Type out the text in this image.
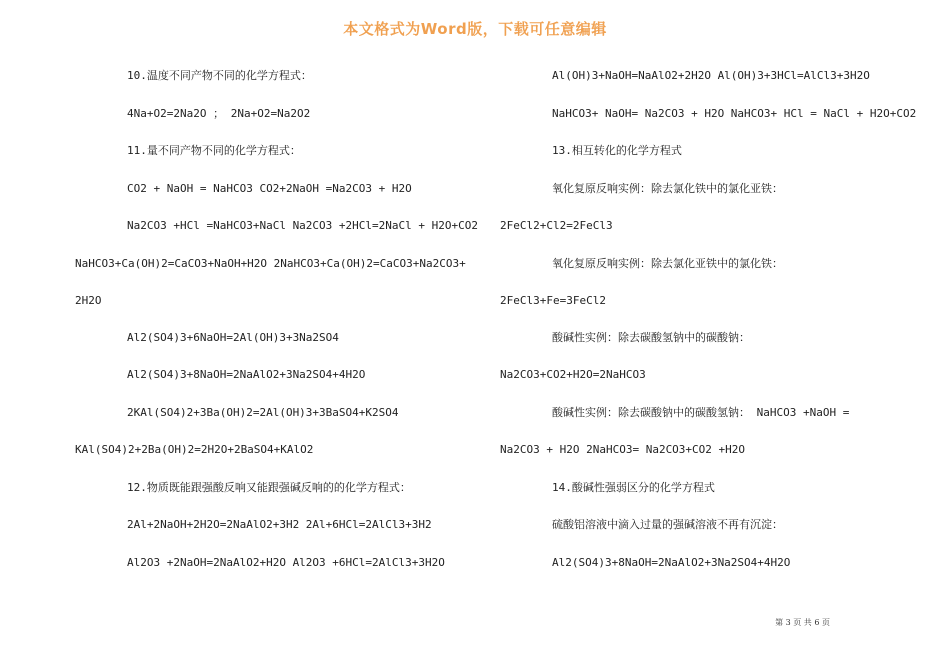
本文格式为Word版，下载可任意编辑
10.温度不同产物不同的化学方程式：
4Na+O2=2Na2O ； 2Na+O2=Na2O2
11.量不同产物不同的化学方程式：
CO2 + NaOH = NaHCO3 CO2+2NaOH =Na2CO3 + H2O
Na2CO3 +HCl =NaHCO3+NaCl Na2CO3 +2HCl=2NaCl + H2O+CO2
NaHCO3+Ca(OH)2=CaCO3+NaOH+H2O 2NaHCO3+Ca(OH)2=CaCO3+Na2CO3+
2H2O
Al2(SO4)3+6NaOH=2Al(OH)3+3Na2SO4
Al2(SO4)3+8NaOH=2NaAlO2+3Na2SO4+4H2O
2KAl(SO4)2+3Ba(OH)2=2Al(OH)3+3BaSO4+K2SO4
KAl(SO4)2+2Ba(OH)2=2H2O+2BaSO4+KAlO2
12.物质既能跟强酸反响又能跟强碱反响的的化学方程式：
2Al+2NaOH+2H2O=2NaAlO2+3H2 2Al+6HCl=2AlCl3+3H2
Al2O3 +2NaOH=2NaAlO2+H2O Al2O3 +6HCl=2AlCl3+3H2O
Al(OH)3+NaOH=NaAlO2+2H2O Al(OH)3+3HCl=AlCl3+3H2O
NaHCO3+ NaOH= Na2CO3 + H2O NaHCO3+ HCl = NaCl + H2O+CO2
13.相互转化的化学方程式
氧化复原反响实例：除去氯化铁中的氯化亚铁：
2FeCl2+Cl2=2FeCl3
氧化复原反响实例：除去氯化亚铁中的氯化铁：
2FeCl3+Fe=3FeCl2
酸碱性实例：除去碳酸氢钠中的碳酸钠：
Na2CO3+CO2+H2O=2NaHCO3
酸碱性实例：除去碳酸钠中的碳酸氢钠： NaHCO3 +NaOH =
Na2CO3 + H2O 2NaHCO3= Na2CO3+CO2 +H2O
14.酸碱性强弱区分的化学方程式
硫酸铝溶液中滴入过量的强碱溶液不再有沉淀：
Al2(SO4)3+8NaOH=2NaAlO2+3Na2SO4+4H2O
第 3 页 共 6 页
